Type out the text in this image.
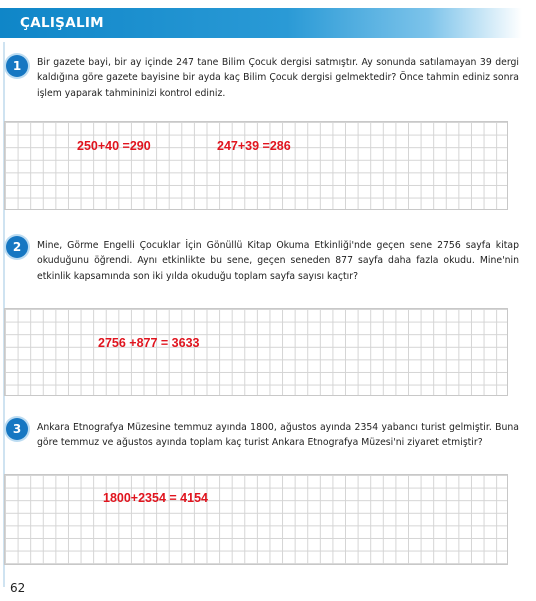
ÇALIŞALIM
1	Bir gazete bayi, bir ay içinde 247 tane Bilim Çocuk dergisi satmıştır. Ay sonunda satılamayan 39 dergi kaldığına göre gazete bayisine bir ayda kaç Bilim Çocuk dergisi gelmektedir? Önce tahmin ediniz sonra işlem yaparak tahmininizi kontrol ediniz.
250+40 =290	247+39 =286
2	Mine, Görme Engelli Çocuklar İçin Gönüllü Kitap Okuma Etkinliği'nde geçen sene 2756 sayfa kitap okuduğunu öğrendi. Aynı etkinlikte bu sene, geçen seneden 877 sayfa daha fazla okudu. Mine'nin etkinlik kapsamında son iki yılda okuduğu toplam sayfa sayısı kaçtır?
2756 +877 = 3633
3	Ankara Etnografya Müzesine temmuz ayında 1800, ağustos ayında 2354 yabancı turist gelmiştir. Buna göre temmuz ve ağustos ayında toplam kaç turist Ankara Etnografya Müzesi'ni ziyaret etmiştir?
1800+2354 = 4154
62
